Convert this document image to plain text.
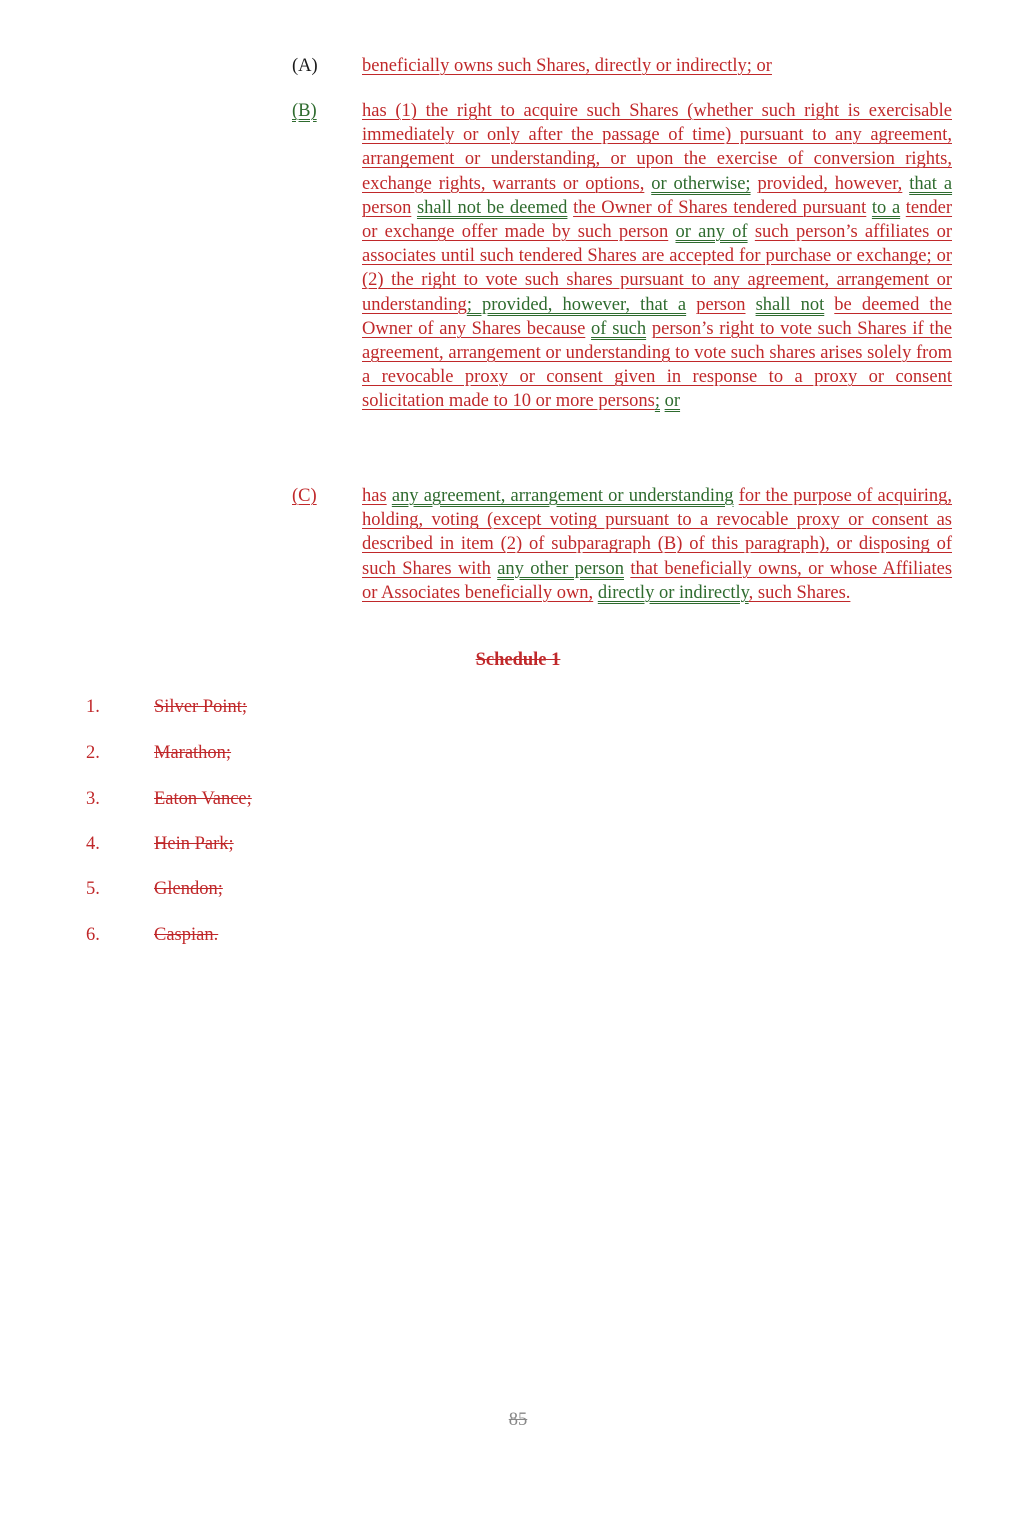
(A) beneficially owns such Shares, directly or indirectly; or
(B) has (1) the right to acquire such Shares (whether such right is exercisable immediately or only after the passage of time) pursuant to any agreement, arrangement or understanding, or upon the exercise of conversion rights, exchange rights, warrants or options, or otherwise; provided, however, that a person shall not be deemed the Owner of Shares tendered pursuant to a tender or exchange offer made by such person or any of such person’s affiliates or associates until such tendered Shares are accepted for purchase or exchange; or (2) the right to vote such shares pursuant to any agreement, arrangement or understanding; provided, however, that a person shall not be deemed the Owner of any Shares because of such person’s right to vote such Shares if the agreement, arrangement or understanding to vote such shares arises solely from a revocable proxy or consent given in response to a proxy or consent solicitation made to 10 or more persons; or
(C) has any agreement, arrangement or understanding for the purpose of acquiring, holding, voting (except voting pursuant to a revocable proxy or consent as described in item (2) of subparagraph (B) of this paragraph), or disposing of such Shares with any other person that beneficially owns, or whose Affiliates or Associates beneficially own, directly or indirectly, such Shares.
Schedule 1
1.	Silver Point;
2.	Marathon;
3.	Eaton Vance;
4.	Hein Park;
5.	Glendon;
6.	Caspian.
85
